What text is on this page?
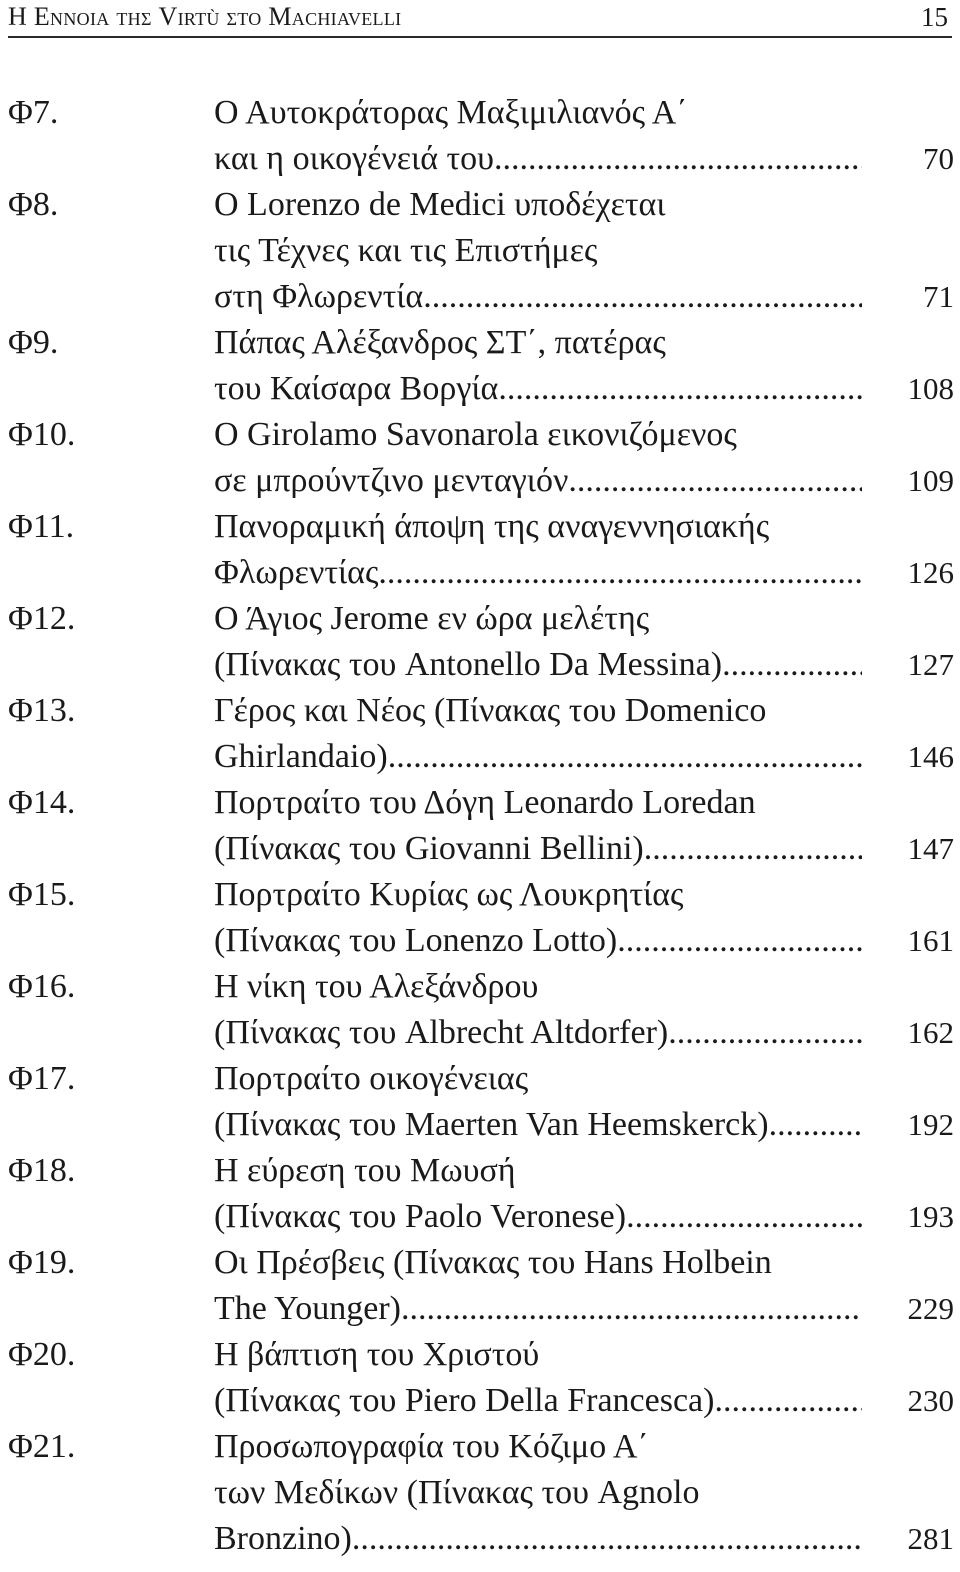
Η Εννοια της Virtù στο Machiavelli	15
Φ7.	Ο Αυτοκράτορας Μαξιμιλιανός Α΄
και η οικογένειά του .....	70
Φ8.	Ο Lorenzo de Medici υποδέχεται
τις Τέχνες και τις Επιστήμες
στη Φλωρεντία .....	71
Φ9.	Πάπας Αλέξανδρος ΣΤ΄, πατέρας
του Καίσαρα Βοργία .....	108
Φ10.	Ο Girolamo Savonarola εικονιζόμενος
σε μπρούντζινο μενταγιόν .....	109
Φ11.	Πανοραμική άποψη της αναγεννησιακής
Φλωρεντίας .....	126
Φ12.	Ο Άγιος Jerome εν ώρα μελέτης
(Πίνακας του Antonello Da Messina) .....	127
Φ13.	Γέρος και Νέος (Πίνακας του Domenico
Ghirlandaio) .....	146
Φ14.	Πορτραίτο του Δόγη Leonardo Loredan
(Πίνακας του Giovanni Bellini) .....	147
Φ15.	Πορτραίτο Κυρίας ως Λουκρητίας
(Πίνακας του Lonenzo Lotto) .....	161
Φ16.	Η νίκη του Αλεξάνδρου
(Πίνακας του Albrecht Altdorfer) .....	162
Φ17.	Πορτραίτο οικογένειας
(Πίνακας του Maerten Van Heemskerck) .....	192
Φ18.	Η εύρεση του Μωυσή
(Πίνακας του Paolo Veronese) .....	193
Φ19.	Οι Πρέσβεις (Πίνακας του Hans Holbein
The Younger) .....	229
Φ20.	Η βάπτιση του Χριστού
(Πίνακας του Piero Della Francesca) .....	230
Φ21.	Προσωπογραφία του Κόζιμο Α΄
των Μεδίκων (Πίνακας του Agnolo
Bronzino) .....	281
